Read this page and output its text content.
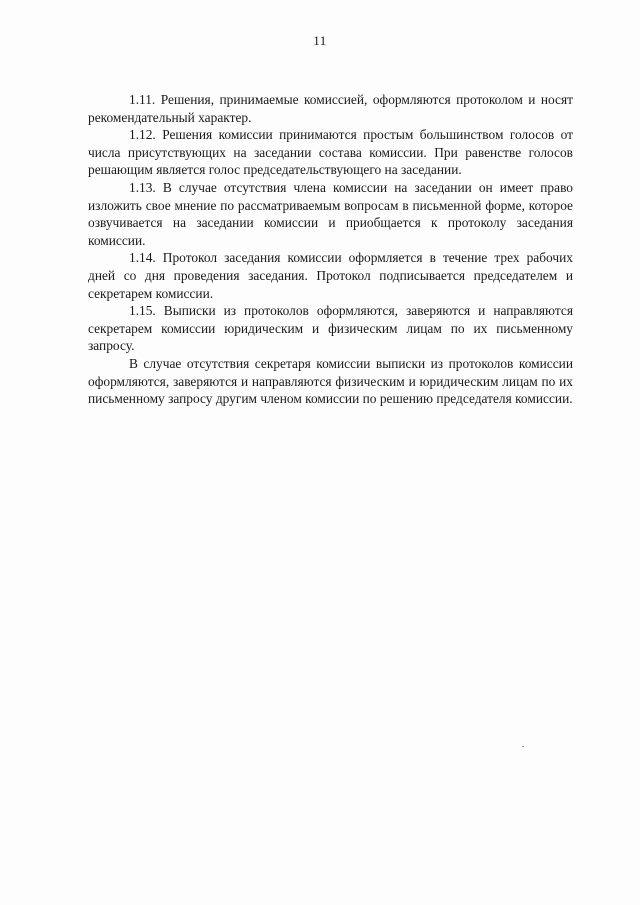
11

1.11. Решения, принимаемые комиссией, оформляются протоколом и носят рекомендательный характер.

1.12. Решения комиссии принимаются простым большинством голосов от числа присутствующих на заседании состава комиссии. При равенстве голосов решающим является голос председательствующего на заседании.

1.13. В случае отсутствия члена комиссии на заседании он имеет право изложить свое мнение по рассматриваемым вопросам в письменной форме, которое озвучивается на заседании комиссии и приобщается к протоколу заседания комиссии.

1.14. Протокол заседания комиссии оформляется в течение трех рабочих дней со дня проведения заседания. Протокол подписывается председателем и секретарем комиссии.

1.15. Выписки из протоколов оформляются, заверяются и направляются секретарем комиссии юридическим и физическим лицам по их письменному запросу.

В случае отсутствия секретаря комиссии выписки из протоколов комиссии оформляются, заверяются и направляются физическим и юридическим лицам по их письменному запросу другим членом комиссии по решению председателя комиссии.
